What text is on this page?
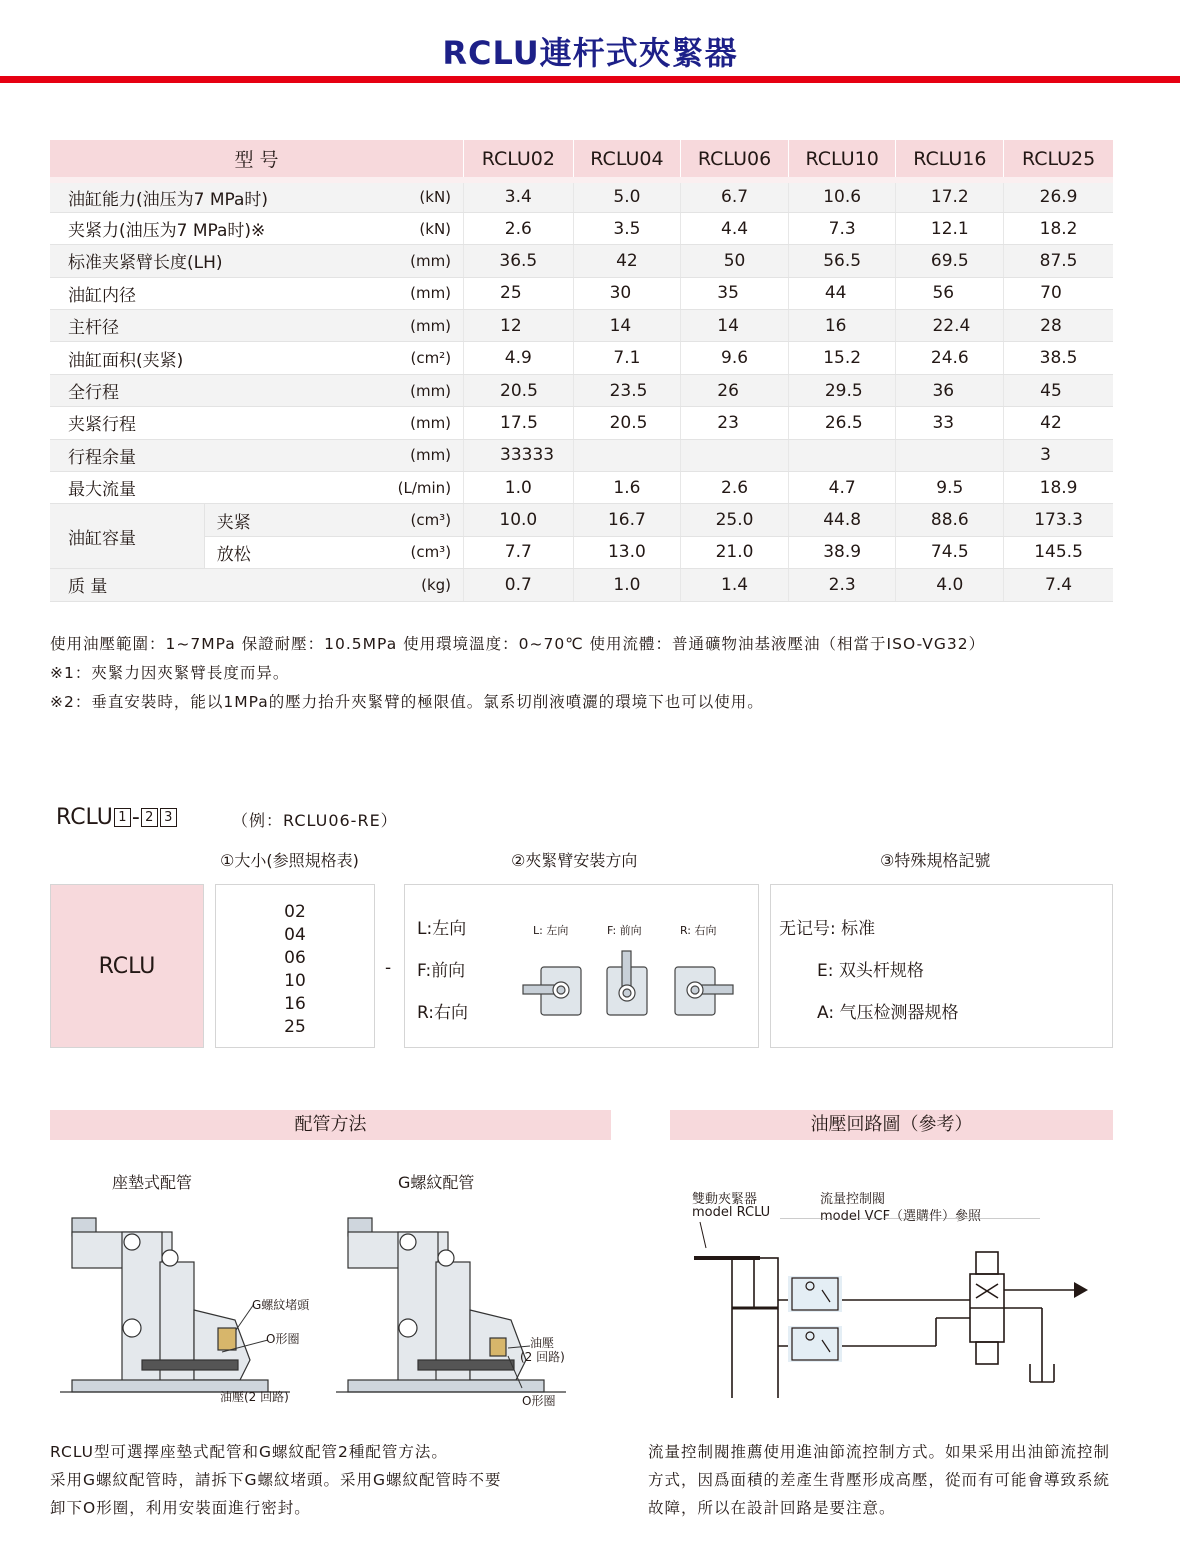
RCLU連杆式夾緊器
型 号			RCLU02	RCLU04	RCLU06	RCLU10	RCLU16	RCLU25
油缸能力(油压为7 MPa时)		(kN)	3.4	5.0	6.7	10.6	17.2	26.9
夹紧力(油压为7 MPa时)※		(kN)	2.6	3.5	4.4	7.3	12.1	18.2
标准夹紧臂长度(LH)		(mm)	36.5	42	50	56.5	69.5	87.5
油缸内径		(mm)	25	30	35	44	56	70
主杆径		(mm)	12	14	14	16	22.4	28
油缸面积(夹紧)		(cm²)	4.9	7.1	9.6	15.2	24.6	38.5
全行程		(mm)	20.5	23.5	26	29.5	36	45
夹紧行程		(mm)	17.5	20.5	23	26.5	33	42
行程余量		(mm)	33333					3
最大流量		(L/min)	1.0	1.6	2.6	4.7	9.5	18.9
油缸容量	夹紧	(cm³)	10.0	16.7	25.0	44.8	88.6	173.3
	放松	(cm³)	7.7	13.0	21.0	38.9	74.5	145.5
质 量		(kg)	0.7	1.0	1.4	2.3	4.0	7.4
使用油壓範圍：1~7MPa 保證耐壓：10.5MPa 使用環境溫度：0~70℃ 使用流體：普通礦物油基液壓油（相當于ISO-VG32）
※1：夾緊力因夾緊臂長度而异。
※2：垂直安裝時，能以1MPa的壓力抬升夾緊臂的極限值。氯系切削液噴灑的環境下也可以使用。
RCLU 1 - 2 3	（例：RCLU06-RE）
①大小(参照規格表)	②夾緊臂安裝方向	③特殊規格記號
RCLU
02
04
06
10
16
25
-
L:左向
F:前向
R:右向
L: 左向	F: 前向	R: 右向	无记号: 标准
E: 双头杆规格
A: 气压检测器规格
配管方法	油壓回路圖（參考）
座墊式配管	G螺紋配管
G螺紋堵頭
O形圈
油壓(2 回路)
油壓
(2 回路)
O形圈
RCLU型可選擇座墊式配管和G螺紋配管2種配管方法。
采用G螺紋配管時，請拆下G螺紋堵頭。采用G螺紋配管時不要
卸下O形圈，利用安裝面進行密封。
雙動夾緊器
model RCLU
流量控制閥
model VCF（選購件）參照
流量控制閥推薦使用進油節流控制方式。如果采用出油節流控制
方式，因爲面積的差產生背壓形成高壓，從而有可能會導致系統
故障，所以在設計回路是要注意。
